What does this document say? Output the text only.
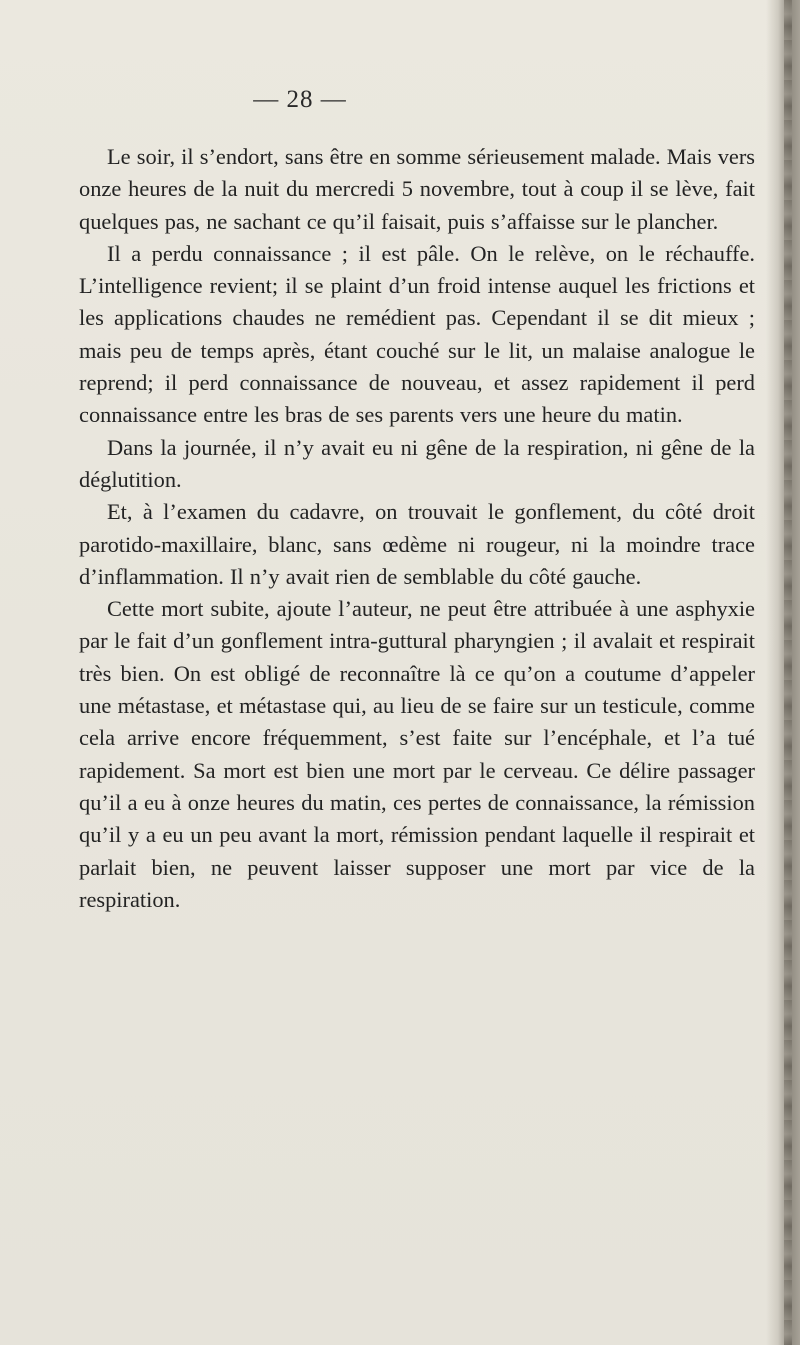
— 28 —

Le soir, il s’endort, sans être en somme sérieusement malade. Mais vers onze heures de la nuit du mercredi 5 novembre, tout à coup il se lève, fait quelques pas, ne sachant ce qu’il faisait, puis s’affaisse sur le plancher.

Il a perdu connaissance ; il est pâle. On le relève, on le réchauffe. L’intelligence revient; il se plaint d’un froid intense auquel les frictions et les applications chaudes ne remédient pas. Cependant il se dit mieux ; mais peu de temps après, étant couché sur le lit, un malaise analogue le reprend; il perd connaissance de nouveau, et assez rapidement il perd connaissance entre les bras de ses parents vers une heure du matin.

Dans la journée, il n’y avait eu ni gêne de la respiration, ni gêne de la déglutition.

Et, à l’examen du cadavre, on trouvait le gonflement, du côté droit parotido-maxillaire, blanc, sans œdème ni rougeur, ni la moindre trace d’inflammation. Il n’y avait rien de semblable du côté gauche.

Cette mort subite, ajoute l’auteur, ne peut être attribuée à une asphyxie par le fait d’un gonflement intra-guttural pharyngien ; il avalait et respirait très bien. On est obligé de reconnaître là ce qu’on a coutume d’appeler une métastase, et métastase qui, au lieu de se faire sur un testicule, comme cela arrive encore fréquemment, s’est faite sur l’encéphale, et l’a tué rapidement. Sa mort est bien une mort par le cerveau. Ce délire passager qu’il a eu à onze heures du matin, ces pertes de connaissance, la rémission qu’il y a eu un peu avant la mort, rémission pendant laquelle il respirait et parlait bien, ne peuvent laisser supposer une mort par vice de la respiration.
